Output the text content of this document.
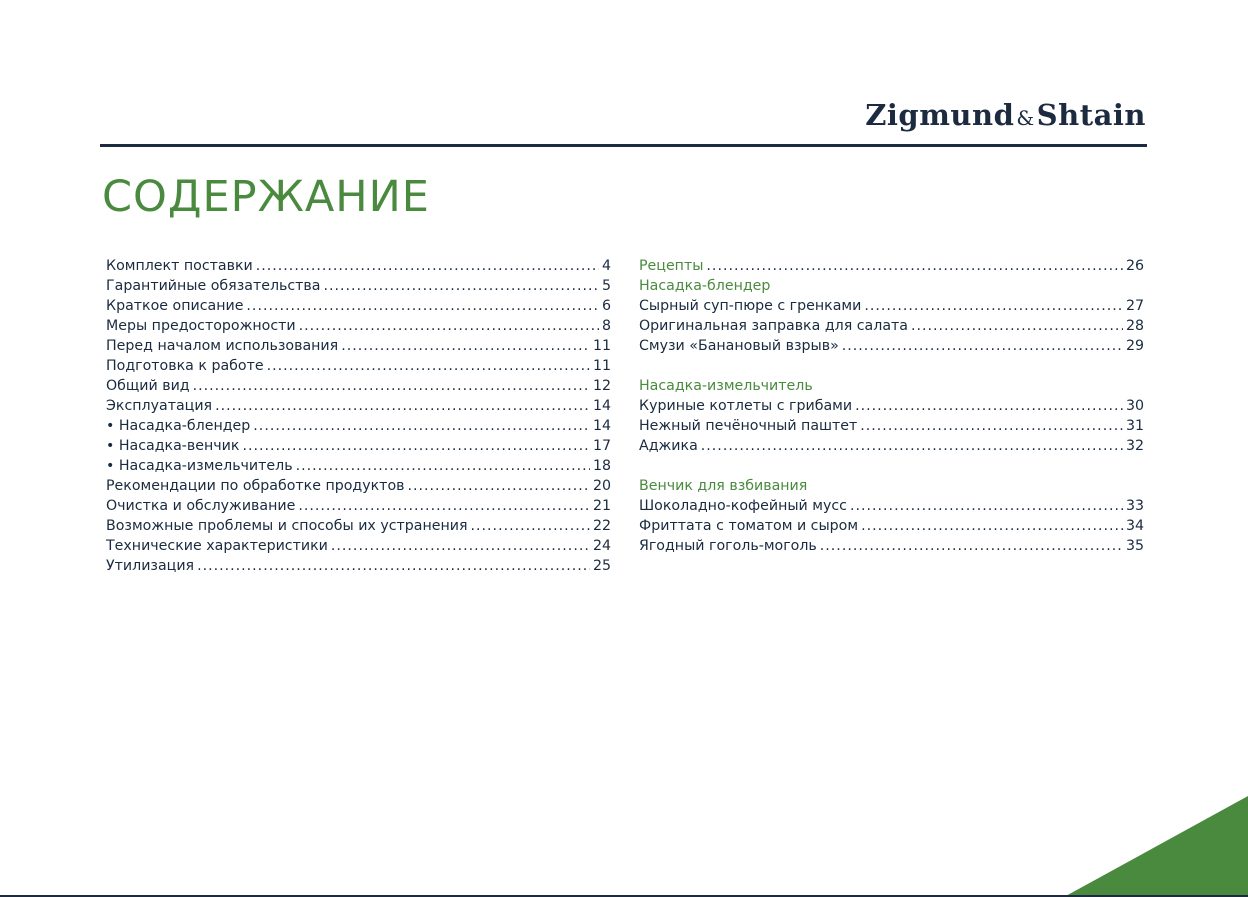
Zigmund &Shtain
СОДЕРЖАНИЕ
Комплект поставки .....	4
Гарантийные обязательства .....	5
Краткое описание .....	6
Меры предосторожности .....	8
Перед началом использования .....	11
Подготовка к работе .....	11
Общий вид .....	12
Эксплуатация .....	14
• Насадка-блендер .....	14
• Насадка-венчик .....	17
• Насадка-измельчитель .....	18
Рекомендации по обработке продуктов .....	20
Очистка и обслуживание .....	21
Возможные проблемы и способы их устранения .....	22
Технические характеристики .....	24
Утилизация .....	25
Рецепты .....	26
Насадка-блендер
Сырный суп-пюре с гренками .....	27
Оригинальная заправка для салата .....	28
Смузи «Банановый взрыв» .....	29
Насадка-измельчитель
Куриные котлеты с грибами .....	30
Нежный печёночный паштет .....	31
Аджика .....	32
Венчик для взбивания
Шоколадно-кофейный мусс .....	33
Фриттата с томатом и сыром .....	34
Ягодный гоголь-моголь .....	35
